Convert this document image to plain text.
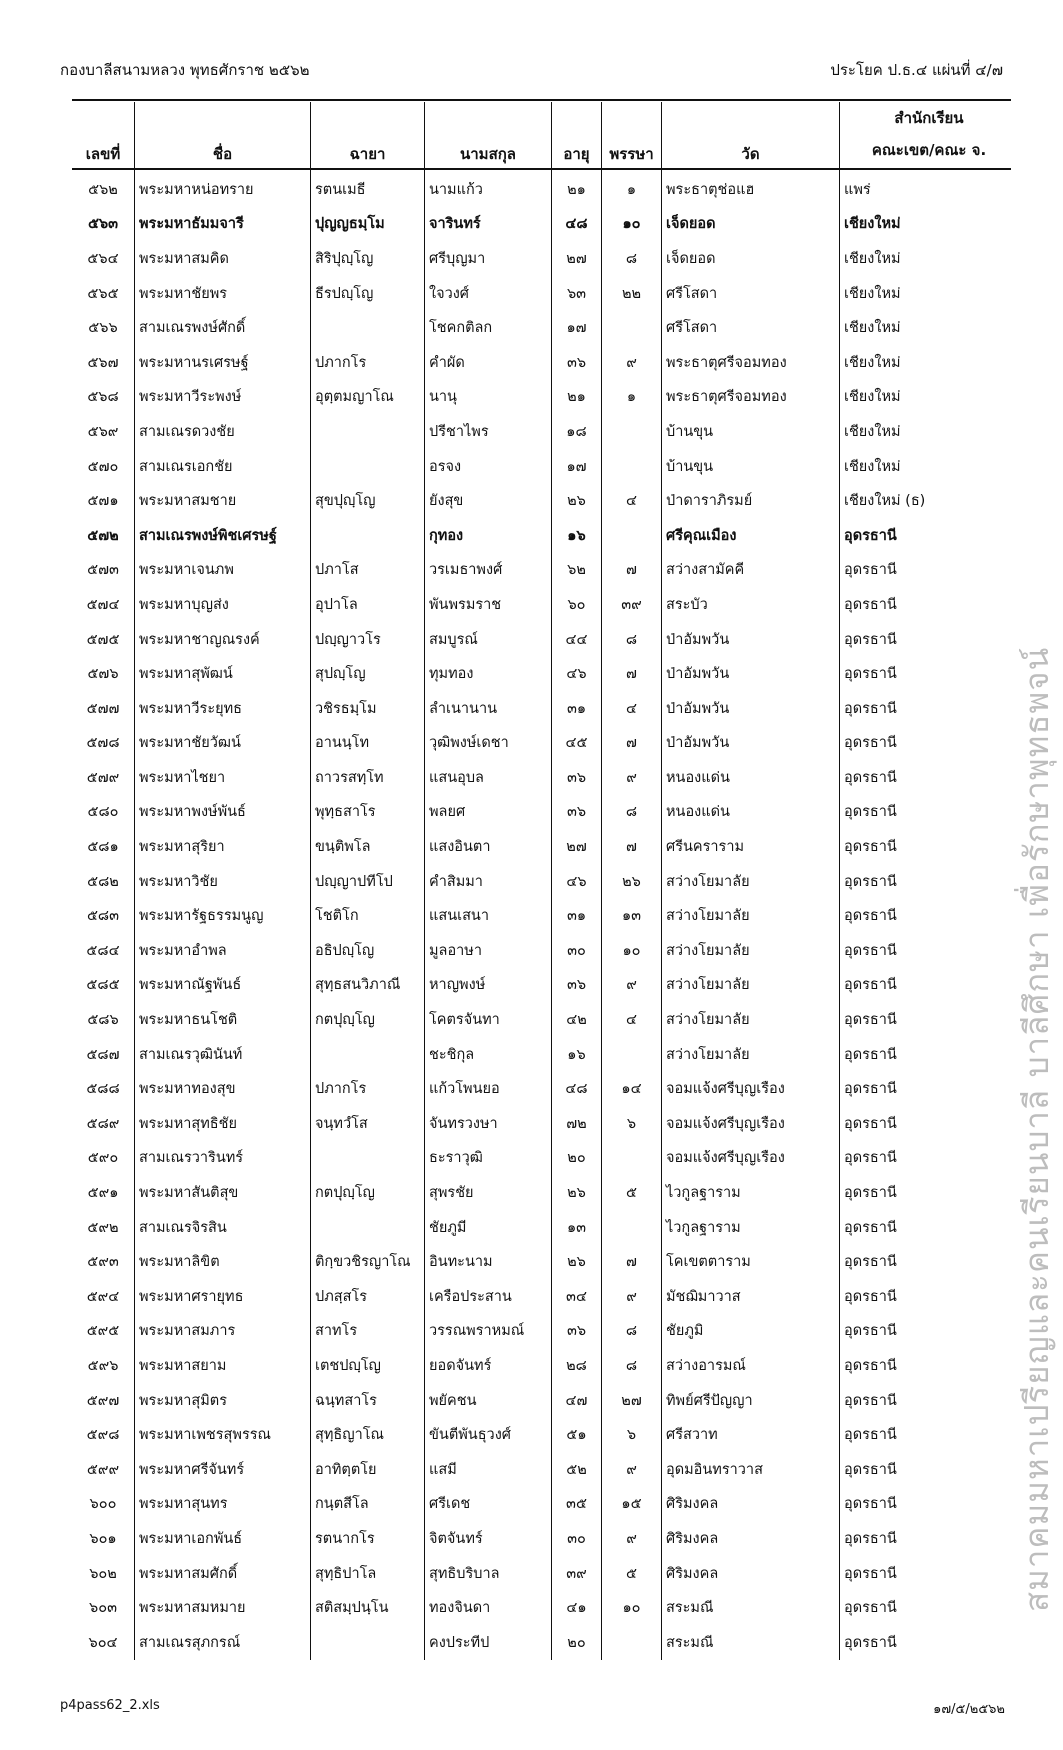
กองบาลีสนามหลวง พุทธศักราช ๒๕๖๒	ประโยค ป.ธ.๔ แผ่นที่ ๔/๗
เลขที่	ชื่อ	ฉายา	นามสกุล	อายุ	พรรษา	วัด	สำนักเรียน
คณะเขต/คณะ จ.

๕๖๒	พระมหาหน่อทราย	รตนเมธี	นามแก้ว	๒๑	๑	พระธาตุช่อแฮ	แพร่
๕๖๓	พระมหาธัมมจารี	ปุญญธมฺโม	จารินทร์	๔๘	๑๐	เจ็ดยอด	เชียงใหม่
๕๖๔	พระมหาสมคิด	สิริปุญฺโญ	ศรีบุญมา	๒๗	๘	เจ็ดยอด	เชียงใหม่
๕๖๕	พระมหาชัยพร	ธีรปญฺโญ	ใจวงศ์	๖๓	๒๒	ศรีโสดา	เชียงใหม่
๕๖๖	สามเณรพงษ์ศักดิ์		โชคกติลก	๑๗		ศรีโสดา	เชียงใหม่
๕๖๗	พระมหานรเศรษฐ์	ปภากโร	คำผัด	๓๖	๙	พระธาตุศรีจอมทอง	เชียงใหม่
๕๖๘	พระมหาวีระพงษ์	อุตฺตมญาโณ	นานุ	๒๑	๑	พระธาตุศรีจอมทอง	เชียงใหม่
๕๖๙	สามเณรดวงชัย		ปรีชาไพร	๑๘		บ้านขุน	เชียงใหม่
๕๗๐	สามเณรเอกชัย		อรจง	๑๗		บ้านขุน	เชียงใหม่
๕๗๑	พระมหาสมชาย	สุขปุญฺโญ	ยังสุข	๒๖	๔	ป่าดาราภิรมย์	เชียงใหม่ (ธ)
๕๗๒	สามเณรพงษ์พิชเศรษฐ์		กุทอง	๑๖		ศรีคุณเมือง	อุดรธานี
๕๗๓	พระมหาเจนภพ	ปภาโส	วรเมธาพงศ์	๖๒	๗	สว่างสามัคคี	อุดรธานี
๕๗๔	พระมหาบุญส่ง	อุปาโล	พันพรมราช	๖๐	๓๙	สระบัว	อุดรธานี
๕๗๕	พระมหาชาญณรงค์	ปญฺญาวโร	สมบูรณ์	๔๔	๘	ป่าอัมพวัน	อุดรธานี
๕๗๖	พระมหาสุพัฒน์	สุปญฺโญ	ทุมทอง	๔๖	๗	ป่าอัมพวัน	อุดรธานี
๕๗๗	พระมหาวีระยุทธ	วชิรธมฺโม	ลำเนานาน	๓๑	๔	ป่าอัมพวัน	อุดรธานี
๕๗๘	พระมหาชัยวัฒน์	อานนฺโท	วุฒิพงษ์เดชา	๔๕	๗	ป่าอัมพวัน	อุดรธานี
๕๗๙	พระมหาไชยา	ถาวรสทฺโท	แสนอุบล	๓๖	๙	หนองแด่น	อุดรธานี
๕๘๐	พระมหาพงษ์พันธ์	พุทฺธสาโร	พลยศ	๓๖	๘	หนองแด่น	อุดรธานี
๕๘๑	พระมหาสุริยา	ขนฺติพโล	แสงอินตา	๒๗	๗	ศรีนคราราม	อุดรธานี
๕๘๒	พระมหาวิชัย	ปญฺญาปทีโป	คำสิมมา	๔๖	๒๖	สว่างโยมาลัย	อุดรธานี
๕๘๓	พระมหารัฐธรรมนูญ	โชติโก	แสนเสนา	๓๑	๑๓	สว่างโยมาลัย	อุดรธานี
๕๘๔	พระมหาอำพล	อธิปญฺโญ	มูลอาษา	๓๐	๑๐	สว่างโยมาลัย	อุดรธานี
๕๘๕	พระมหาณัฐพันธ์	สุทฺธสนวิภาณี	หาญพงษ์	๓๖	๙	สว่างโยมาลัย	อุดรธานี
๕๘๖	พระมหาธนโชติ	กตปุญฺโญ	โคตรจันทา	๔๒	๔	สว่างโยมาลัย	อุดรธานี
๕๘๗	สามเณรวุฒินันท์		ชะชิกุล	๑๖		สว่างโยมาลัย	อุดรธานี
๕๘๘	พระมหาทองสุข	ปภากโร	แก้วโพนยอ	๔๘	๑๔	จอมแจ้งศรีบุญเรือง	อุดรธานี
๕๘๙	พระมหาสุทธิชัย	จนฺทวํโส	จันทรวงษา	๗๒	๖	จอมแจ้งศรีบุญเรือง	อุดรธานี
๕๙๐	สามเณรวารินทร์		ธะราวุฒิ	๒๐		จอมแจ้งศรีบุญเรือง	อุดรธานี
๕๙๑	พระมหาสันติสุข	กตปุญฺโญ	สุพรชัย	๒๖	๕	ไวกูลฐาราม	อุดรธานี
๕๙๒	สามเณรจิรสิน		ชัยภูมี	๑๓		ไวกูลฐาราม	อุดรธานี
๕๙๓	พระมหาลิขิต	ติกฺขวชิรญาโณ	อินทะนาม	๒๖	๗	โคเขตตาราม	อุดรธานี
๕๙๔	พระมหาศรายุทธ	ปภสฺสโร	เครือประสาน	๓๔	๙	มัชฌิมาวาส	อุดรธานี
๕๙๕	พระมหาสมภาร	สาทโร	วรรณพราหมณ์	๓๖	๘	ชัยภูมิ	อุดรธานี
๕๙๖	พระมหาสยาม	เตชปญฺโญ	ยอดจันทร์	๒๘	๘	สว่างอารมณ์	อุดรธานี
๕๙๗	พระมหาสุมิตร	ฉนฺทสาโร	พยัคชน	๔๗	๒๗	ทิพย์ศรีปัญญา	อุดรธานี
๕๙๘	พระมหาเพชรสุพรรณ	สุทฺธิญาโณ	ขันตีพันธุวงศ์	๕๑	๖	ศรีสวาท	อุดรธานี
๕๙๙	พระมหาศรีจันทร์	อาทิตฺตโย	แสมี	๕๒	๙	อุดมอินทราวาส	อุดรธานี
๖๐๐	พระมหาสุนทร	กนฺตสีโล	ศรีเดช	๓๕	๑๕	ศิริมงคล	อุดรธานี
๖๐๑	พระมหาเอกพันธ์	รตนากโร	จิตจันทร์	๓๐	๙	ศิริมงคล	อุดรธานี
๖๐๒	พระมหาสมศักดิ์	สุทฺธิปาโล	สุทธิบริบาล	๓๙	๕	ศิริมงคล	อุดรธานี
๖๐๓	พระมหาสมหมาย	สติสมฺปนฺโน	ทองจินดา	๔๑	๑๐	สระมณี	อุดรธานี
๖๐๔	สามเณรสุภกรณ์		คงประทีป	๒๐		สระมณี	อุดรธานี
สมาคมมหาเปรียญและคนเรียนบาลี บาลีศึกษา เพื่อรักษาพุทธพจน์
p4pass62_2.xls	๑๗/๕/๒๕๖๒
